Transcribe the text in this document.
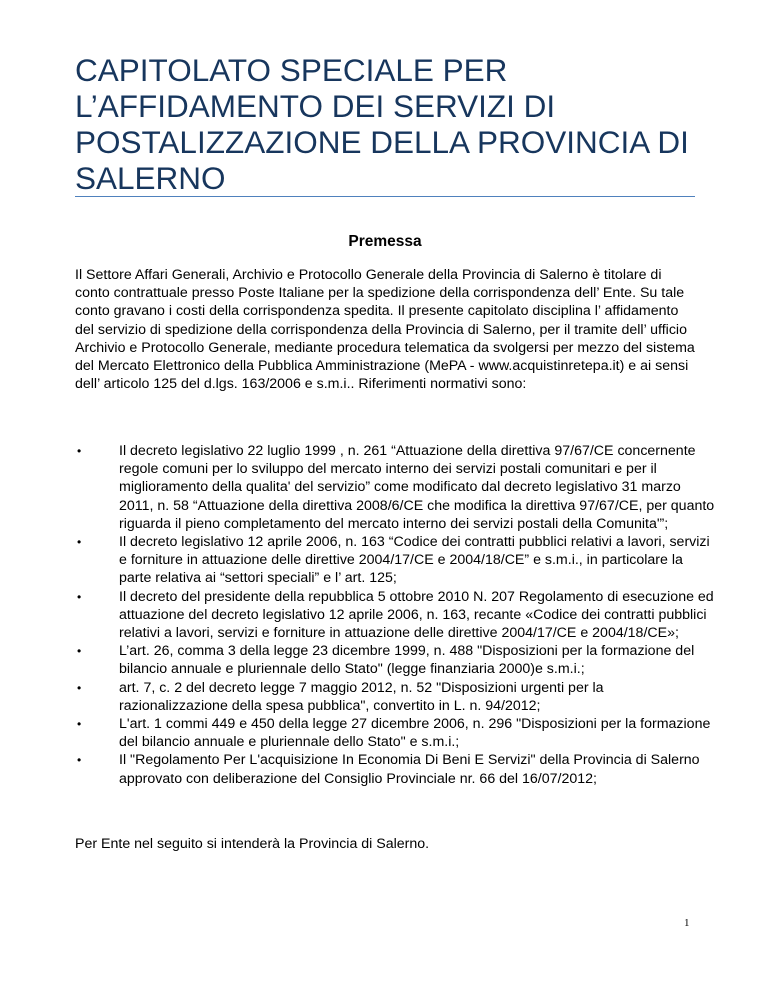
CAPITOLATO SPECIALE PER L’AFFIDAMENTO DEI SERVIZI DI POSTALIZZAZIONE DELLA PROVINCIA DI SALERNO
Premessa

Il Settore Affari Generali, Archivio e Protocollo Generale della Provincia di Salerno è titolare di conto contrattuale presso Poste Italiane per la spedizione della corrispondenza dell’ Ente. Su tale conto gravano i costi della corrispondenza spedita. Il presente capitolato disciplina l’ affidamento del servizio di spedizione della corrispondenza della Provincia di Salerno, per il tramite dell’ ufficio Archivio e Protocollo Generale, mediante procedura telematica da svolgersi per mezzo del sistema del Mercato Elettronico della Pubblica Amministrazione (MePA - www.acquistinretepa.it) e ai sensi dell’ articolo 125 del d.lgs. 163/2006 e s.m.i.. Riferimenti normativi sono:

•	Il decreto legislativo 22 luglio 1999 , n. 261 “Attuazione della direttiva 97/67/CE concernente regole comuni per lo sviluppo del mercato interno dei servizi postali comunitari e per il miglioramento della qualita' del servizio” come modificato dal decreto legislativo 31 marzo 2011, n. 58 “Attuazione della direttiva 2008/6/CE che modifica la direttiva 97/67/CE, per quanto riguarda il pieno completamento del mercato interno dei servizi postali della Comunita'”;
•	Il decreto legislativo 12 aprile 2006, n. 163 “Codice dei contratti pubblici relativi a lavori, servizi e forniture in attuazione delle direttive 2004/17/CE e 2004/18/CE” e s.m.i., in particolare la parte relativa ai “settori speciali” e l’ art. 125;
•	Il decreto del presidente della repubblica 5 ottobre 2010 N. 207 Regolamento di esecuzione ed attuazione del decreto legislativo 12 aprile 2006, n. 163, recante «Codice dei contratti pubblici relativi a lavori, servizi e forniture in attuazione delle direttive 2004/17/CE e 2004/18/CE»;
•	L’art. 26, comma 3 della legge 23 dicembre 1999, n. 488 "Disposizioni per la formazione del bilancio annuale e pluriennale dello Stato" (legge finanziaria 2000)e s.m.i.;
•	art. 7, c. 2 del decreto legge 7 maggio 2012, n. 52 "Disposizioni urgenti per la razionalizzazione della spesa pubblica", convertito in L. n. 94/2012;
•	L'art. 1 commi 449 e 450 della legge 27 dicembre 2006, n. 296 "Disposizioni per la formazione del bilancio annuale e pluriennale dello Stato" e s.m.i.;
•	Il "Regolamento Per L'acquisizione In Economia Di Beni E Servizi" della Provincia di Salerno approvato con deliberazione del Consiglio Provinciale nr. 66 del 16/07/2012;

Per Ente nel seguito si intenderà la Provincia di Salerno.

1
